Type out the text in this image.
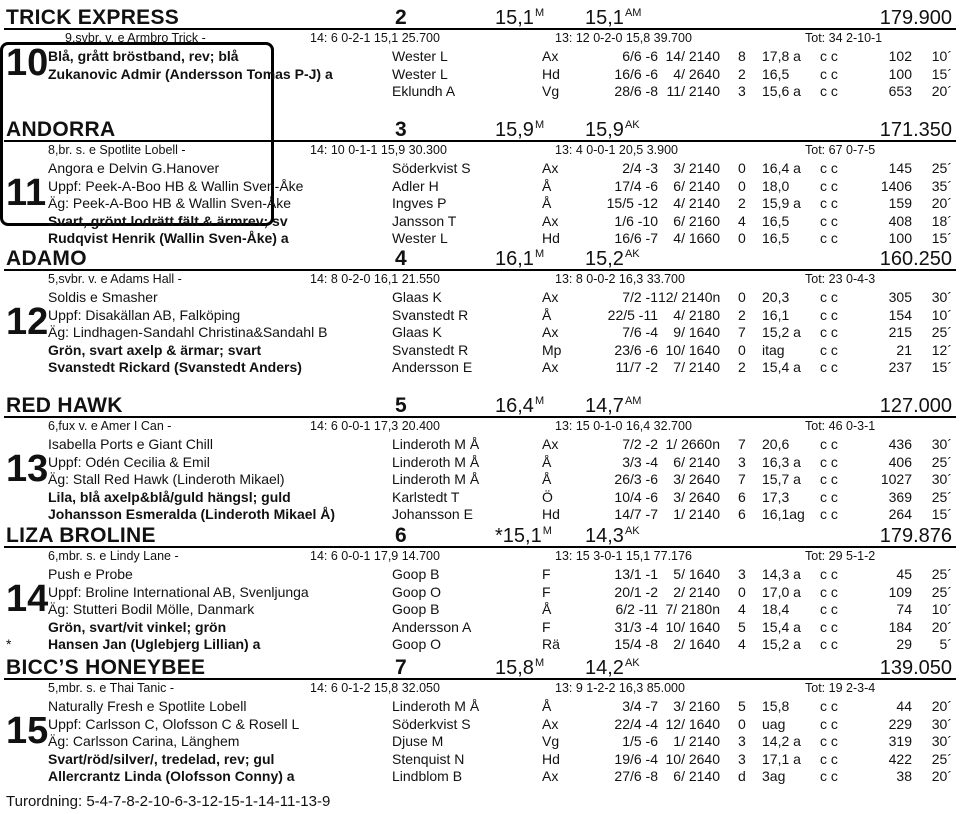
TRICK EXPRESS	2	$15,1^M$ $15,1^{AM}$	179.900
9,svbr. v. e Armbro Trick -	14: 6 0-2-1 15,1 25.700	13: 12 0-2-0 15,8 39.700	Tot: 34 2-10-1
10 Blå, grått bröstband, rev; blå	Wester L	Ax	6/6 -6 14/ 2140 8 17,8 a c c	102	10´
Zukanovic Admir (Andersson Tomas P-J) a	Wester L	Hd	16/6 -6	4/ 2640 2 16,5 c c	100	15´
Eklundh A	Vg	28/6 -8 11/ 2140 3 15,6 a c c	653	20´
ANDORRA	3	$15,9^M$ $15,9^{AK}$	171.350
8,br. s. e Spotlite Lobell -	14: 10 0-1-1 15,9 30.300	13: 4 0-0-1 20,5 3.900	Tot: 67 0-7-5
11
Angora e Delvin G.Hanover	Söderkvist S	Ax	2/4 -3	3/ 2140 0 16,4 a c c	145	25´
Uppf: Peek-A-Boo HB & Wallin Sven-Åke	Adler H	Å	17/4 -6	6/ 2140 0 18,0 c c	1406	35´
Äg: Peek-A-Boo HB & Wallin Sven-Åke	Ingves P	Å	15/5 -12	4/ 2140 2 15,9 a c c	159	20´
Svart, grönt lodrätt fält & ärmrev; sv	Jansson T	Ax	1/6 -10	6/ 2160 4 16,5 c c	408	18´
Rudqvist Henrik (Wallin Sven-Åke) a	Wester L	Hd	16/6 -7	4/ 1660 0 16,5 c c	100	15´
ADAMO	4	$16,1^M$ $15,2^{AK}$	160.250
5,svbr. v. e Adams Hall -	14: 8 0-2-0 16,1 21.550	13: 8 0-0-2 16,3 33.700	Tot: 23 0-4-3
12
Soldis e Smasher	Glaas K	Ax	7/2 -1 12/ 2140n 0 20,3 c c	305	30´
Uppf: Disakällan AB, Falköping	Svanstedt R	Å	22/5 -11	4/ 2180 2 16,1 c c	154	10´
Äg: Lindhagen-Sandahl Christina&Sandahl B	Glaas K	Ax	7/6 -4	9/ 1640 7 15,2 a c c	215	25´
Grön, svart axelp & ärmar; svart	Svanstedt R	Mp	23/6 -6 10/ 1640 0 itag	c c	21	12´
Svanstedt Rickard (Svanstedt Anders)	Andersson E	Ax	11/7 -2	7/ 2140 2 15,4 a c c	237	15´
RED HAWK	5	$16,4^M$ $14,7^{AM}$	127.000
6,fux v. e Amer I Can -	14: 6 0-0-1 17,3 20.400	13: 15 0-1-0 16,4 32.700	Tot: 46 0-3-1
13
Isabella Ports e Giant Chill	Linderoth M Å	Ax	7/2 -2 1/ 2660n 7 20,6 c c	436	30´
Uppf: Odén Cecilia & Emil	Linderoth M Å	Å	3/3 -4	6/ 2140 3 16,3 a c c	406	25´
Äg: Stall Red Hawk (Linderoth Mikael)	Linderoth M Å	Å	26/3 -6	3/ 2640 7 15,7 a c c	1027	30´
Lila, blå axelp&blå/guld hängsl; guld	Karlstedt T	Ö	10/4 -6	3/ 2640 6 17,3 c c	369	25´
Johansson Esmeralda (Linderoth Mikael Å)	Johansson E	Hd	14/7 -7	1/ 2140 6 16,1ag c c	264	15´
LIZA BROLINE	6	$*15,1^M$ $14,3^{AK}$	179.876
6,mbr. s. e Lindy Lane -	14: 6 0-0-1 17,9 14.700	13: 15 3-0-1 15,1 77.176	Tot: 29 5-1-2
14
Push e Probe	Goop B	F	13/1 -1	5/ 1640 3 14,3 a c c	45	25´
Uppf: Broline International AB, Svenljunga	Goop O	F	20/1 -2	2/ 2140 0 17,0 a c c	109	25´
Äg: Stutteri Bodil Mölle, Danmark	Goop B	Å	6/2 -11 7/ 2180n 4 18,4 c c	74	10´
Grön, svart/vit vinkel; grön	Andersson A	F	31/3 -4 10/ 1640 5 15,4 a c c	184	20´
*	Hansen Jan (Uglebjerg Lillian) a	Goop O	Rä	15/4 -8	2/ 1640 4 15,2 a c c	29	5´
BICC’S HONEYBEE	7	$15,8^M$ $14,2^{AK}$	139.050
5,mbr. s. e Thai Tanic -	14: 6 0-1-2 15,8 32.050	13: 9 1-2-2 16,3 85.000	Tot: 19 2-3-4
15
Naturally Fresh e Spotlite Lobell	Linderoth M Å	Å	3/4 -7	3/ 2160 5 15,8 c c	44	20´
Uppf: Carlsson C, Olofsson C & Rosell L	Söderkvist S	Ax	22/4 -4 12/ 1640 0 uag c c	229	30´
Äg: Carlsson Carina, Länghem	Djuse M	Vg	1/5 -6	1/ 2140 3 14,2 a c c	319	30´
Svart/röd/silver/, tredelad, rev; gul	Stenquist N	Hd	19/6 -4 10/ 2640 3 17,1 a c c	422	25´
Allercrantz Linda (Olofsson Conny) a	Lindblom B	Ax	27/6 -8	6/ 2140 d 3ag c c	38	20´
Turordning: 5-4-7-8-2-10-6-3-12-15-1-14-11-13-9
